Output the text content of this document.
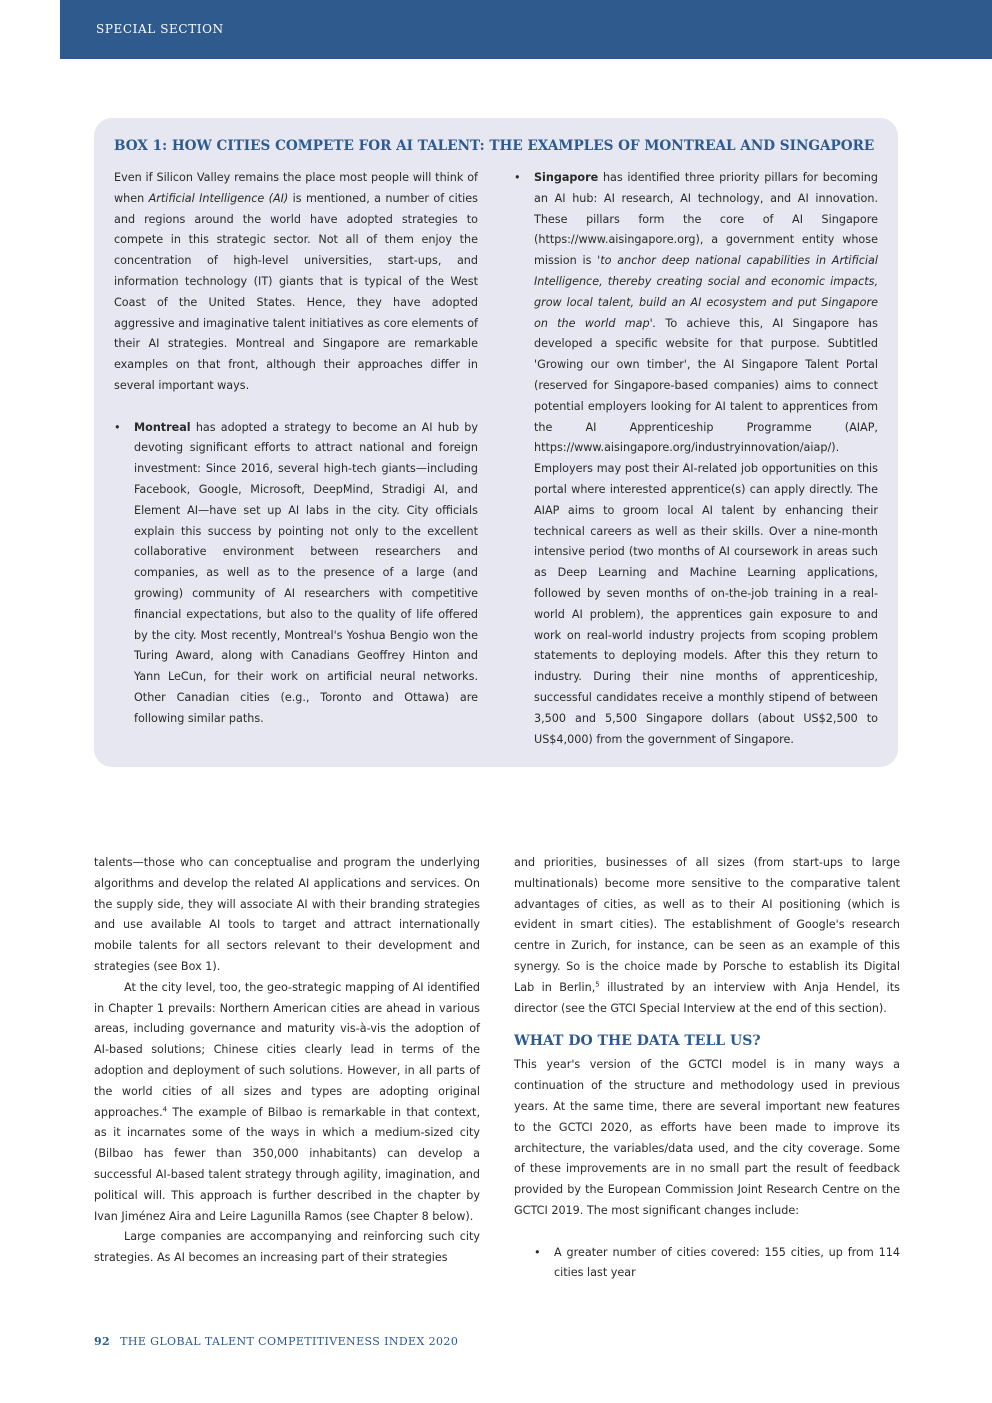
SPECIAL SECTION
BOX 1: HOW CITIES COMPETE FOR AI TALENT: THE EXAMPLES OF MONTREAL AND SINGAPORE

Even if Silicon Valley remains the place most people will think of when Artificial Intelligence (AI) is mentioned, a number of cities and regions around the world have adopted strategies to compete in this strategic sector. Not all of them enjoy the concentration of high-level universities, start-ups, and information technology (IT) giants that is typical of the West Coast of the United States. Hence, they have adopted aggressive and imaginative talent initiatives as core elements of their AI strategies. Montreal and Singapore are remarkable examples on that front, although their approaches differ in several important ways.

• Montreal has adopted a strategy to become an AI hub by devoting significant efforts to attract national and foreign investment: Since 2016, several high-tech giants—including Facebook, Google, Microsoft, DeepMind, Stradigi AI, and Element AI—have set up AI labs in the city. City officials explain this success by pointing not only to the excellent collaborative environment between researchers and companies, as well as to the presence of a large (and growing) community of AI researchers with competitive financial expectations, but also to the quality of life offered by the city. Most recently, Montreal's Yoshua Bengio won the Turing Award, along with Canadians Geoffrey Hinton and Yann LeCun, for their work on artificial neural networks. Other Canadian cities (e.g., Toronto and Ottawa) are following similar paths.

• Singapore has identified three priority pillars for becoming an AI hub: AI research, AI technology, and AI innovation. These pillars form the core of AI Singapore (https://www.aisingapore.org), a government entity whose mission is 'to anchor deep national capabilities in Artificial Intelligence, thereby creating social and economic impacts, grow local talent, build an AI ecosystem and put Singapore on the world map'. To achieve this, AI Singapore has developed a specific website for that purpose. Subtitled 'Growing our own timber', the AI Singapore Talent Portal (reserved for Singapore-based companies) aims to connect potential employers looking for AI talent to apprentices from the AI Apprenticeship Programme (AIAP, https://www.aisingapore.org/industryinnovation/aiap/). Employers may post their AI-related job opportunities on this portal where interested apprentice(s) can apply directly. The AIAP aims to groom local AI talent by enhancing their technical careers as well as their skills. Over a nine-month intensive period (two months of AI coursework in areas such as Deep Learning and Machine Learning applications, followed by seven months of on-the-job training in a real-world AI problem), the apprentices gain exposure to and work on real-world industry projects from scoping problem statements to deploying models. After this they return to industry. During their nine months of apprenticeship, successful candidates receive a monthly stipend of between 3,500 and 5,500 Singapore dollars (about US$2,500 to US$4,000) from the government of Singapore.

talents—those who can conceptualise and program the underlying algorithms and develop the related AI applications and services. On the supply side, they will associate AI with their branding strategies and use available AI tools to target and attract internationally mobile talents for all sectors relevant to their development and strategies (see Box 1).

At the city level, too, the geo-strategic mapping of AI identified in Chapter 1 prevails: Northern American cities are ahead in various areas, including governance and maturity vis-à-vis the adoption of AI-based solutions; Chinese cities clearly lead in terms of the adoption and deployment of such solutions. However, in all parts of the world cities of all sizes and types are adopting original approaches.$^4$ The example of Bilbao is remarkable in that context, as it incarnates some of the ways in which a medium-sized city (Bilbao has fewer than 350,000 inhabitants) can develop a successful AI-based talent strategy through agility, imagination, and political will. This approach is further described in the chapter by Ivan Jiménez Aira and Leire Lagunilla Ramos (see Chapter 8 below).

Large companies are accompanying and reinforcing such city strategies. As AI becomes an increasing part of their strategies

and priorities, businesses of all sizes (from start-ups to large multinationals) become more sensitive to the comparative talent advantages of cities, as well as to their AI positioning (which is evident in smart cities). The establishment of Google's research centre in Zurich, for instance, can be seen as an example of this synergy. So is the choice made by Porsche to establish its Digital Lab in Berlin,$^5$ illustrated by an interview with Anja Hendel, its director (see the GTCI Special Interview at the end of this section).

WHAT DO THE DATA TELL US?

This year's version of the GCTCI model is in many ways a continuation of the structure and methodology used in previous years. At the same time, there are several important new features to the GCTCI 2020, as efforts have been made to improve its architecture, the variables/data used, and the city coverage. Some of these improvements are in no small part the result of feedback provided by the European Commission Joint Research Centre on the GCTCI 2019. The most significant changes include:

• A greater number of cities covered: 155 cities, up from 114 cities last year

92 THE GLOBAL TALENT COMPETITIVENESS INDEX 2020
